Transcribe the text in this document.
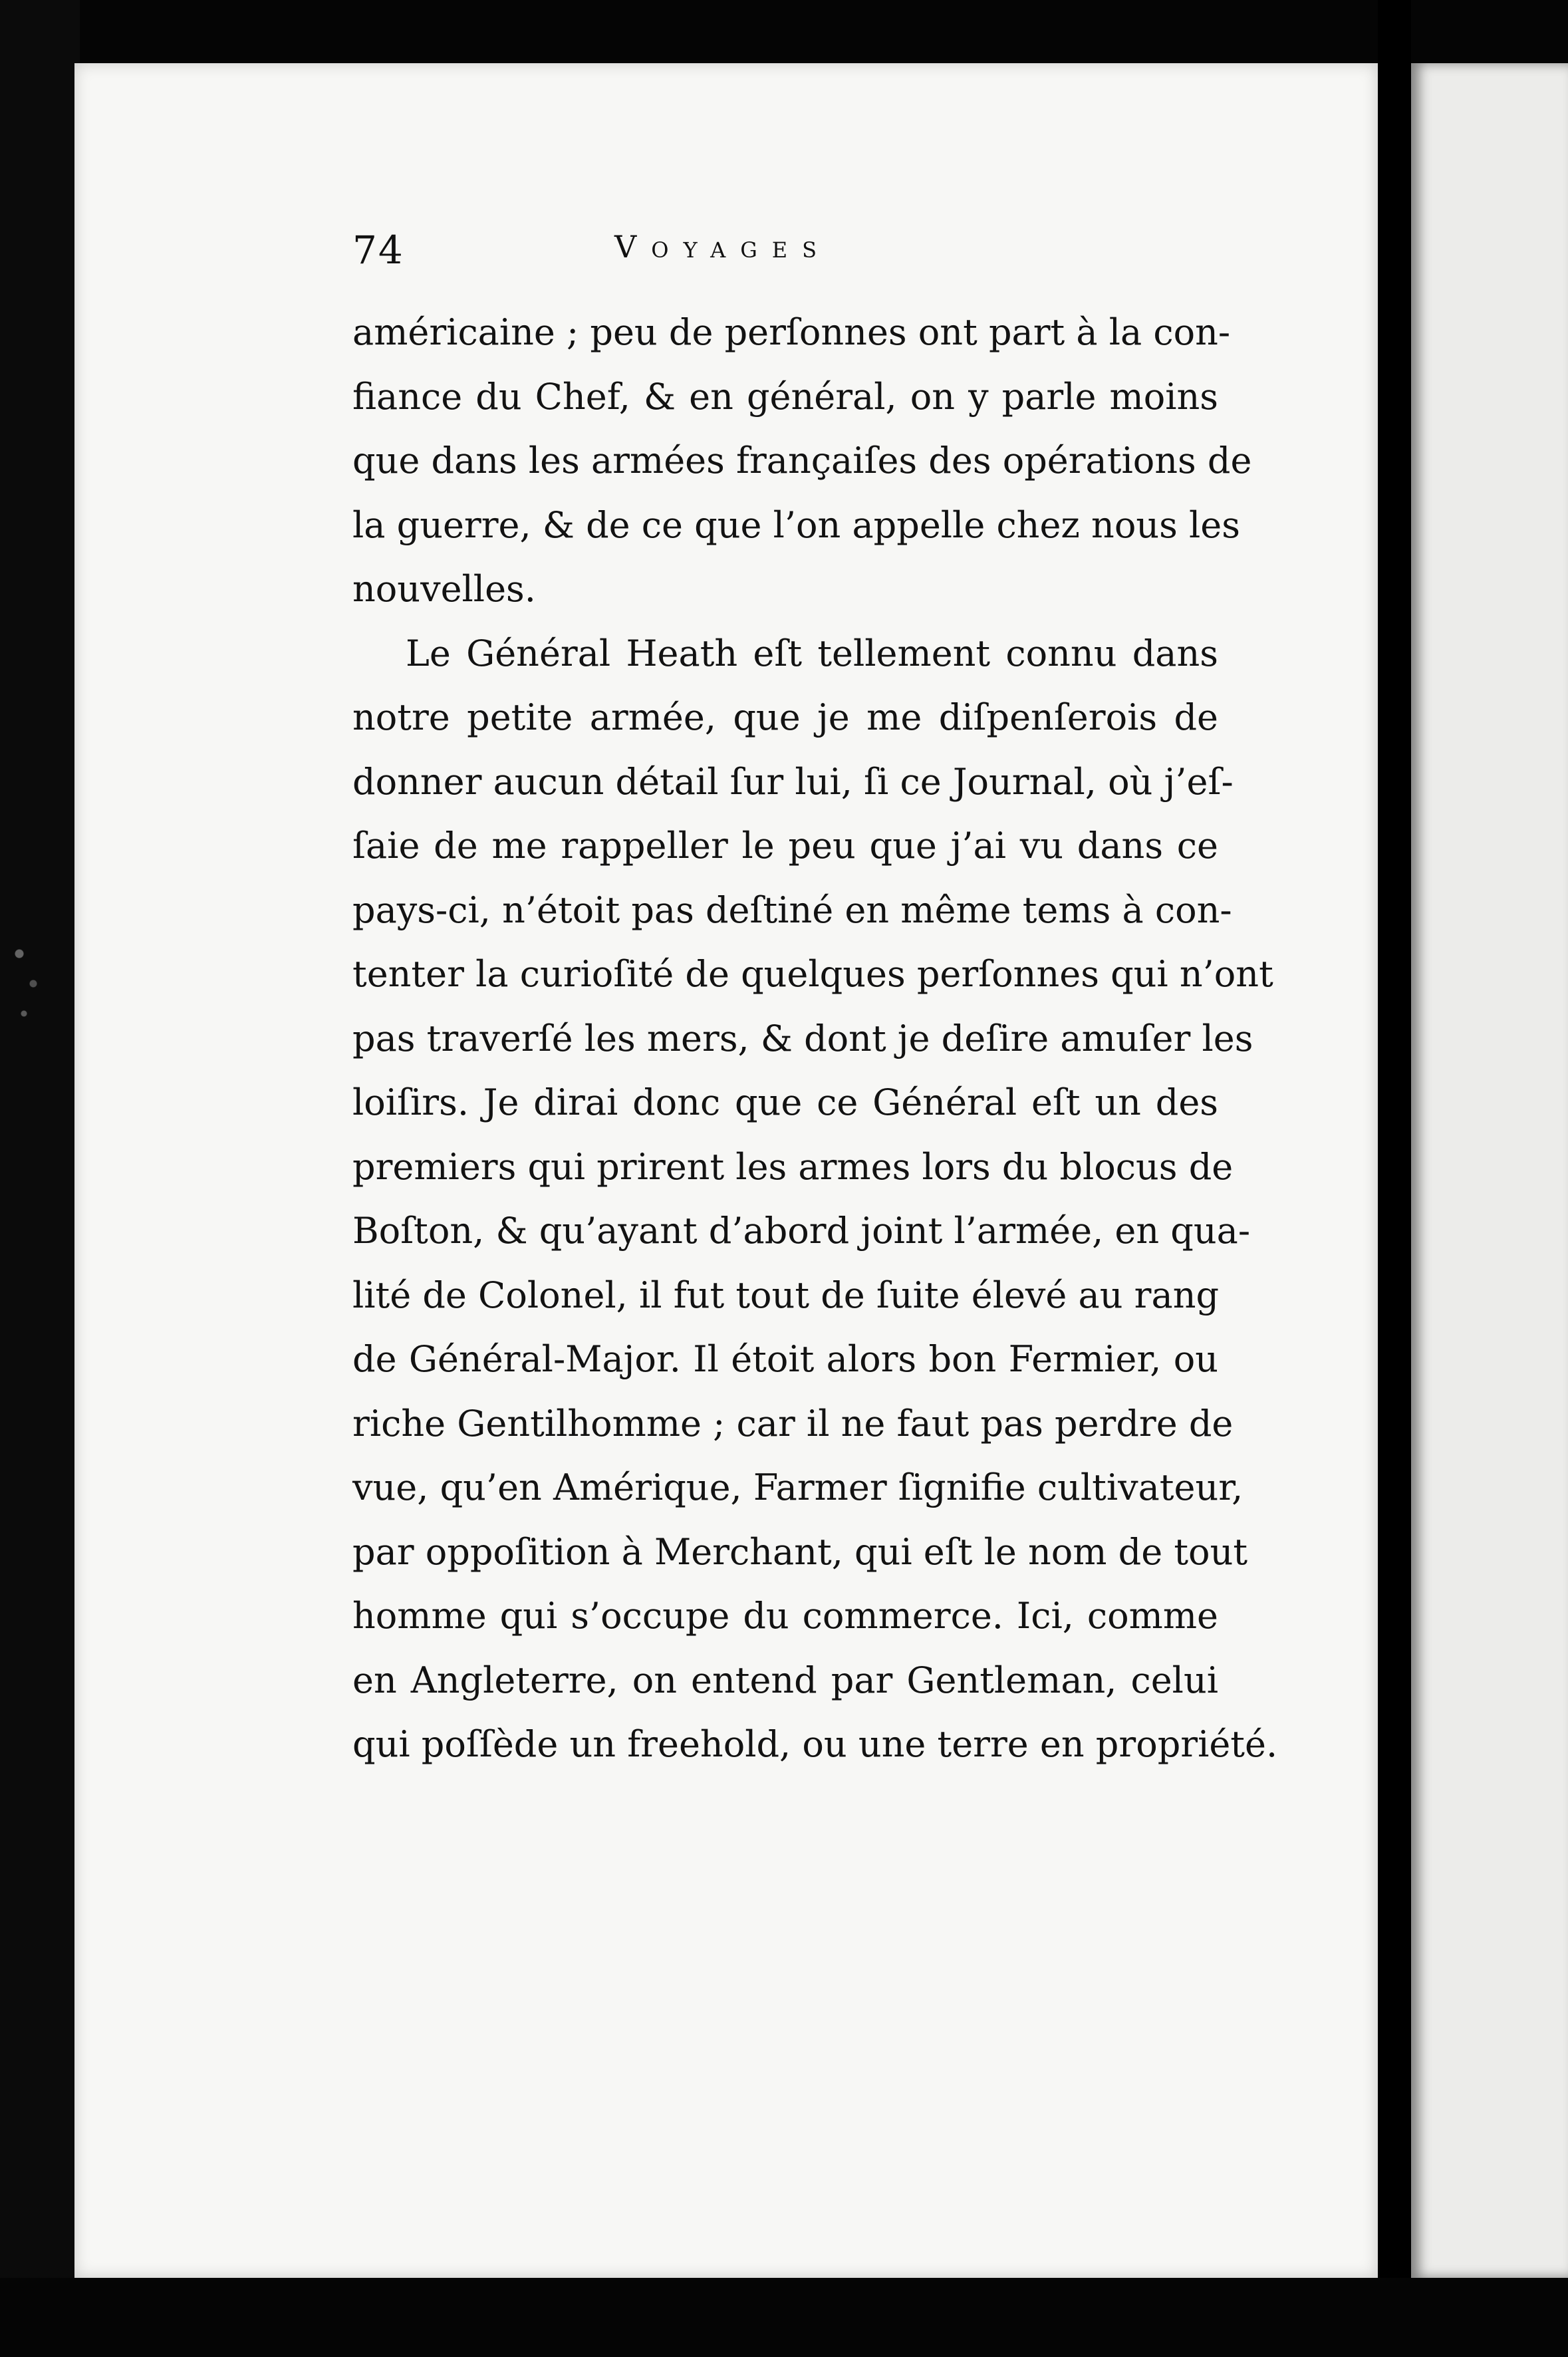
74	Voyages
américaine ; peu de perſonnes ont part à la con-
fiance du Chef, & en général, on y parle moins
que dans les armées françaiſes des opérations de
la guerre, & de ce que l’on appelle chez nous les
nouvelles.
Le Général Heath eſt tellement connu dans
notre petite armée, que je me diſpenſerois de
donner aucun détail ſur lui, ſi ce Journal, où j’eſ-
ſaie de me rappeller le peu que j’ai vu dans ce
pays-ci, n’étoit pas deſtiné en même tems à con-
tenter la curioſité de quelques perſonnes qui n’ont
pas traverſé les mers, & dont je deſire amuſer les
loiſirs. Je dirai donc que ce Général eſt un des
premiers qui prirent les armes lors du blocus de
Boſton, & qu’ayant d’abord joint l’armée, en qua-
lité de Colonel, il fut tout de ſuite élevé au rang
de Général-Major. Il étoit alors bon Fermier, ou
riche Gentilhomme ; car il ne faut pas perdre de
vue, qu’en Amérique, Farmer ſignifie cultivateur,
par oppoſition à Merchant, qui eſt le nom de tout
homme qui s’occupe du commerce. Ici, comme
en Angleterre, on entend par Gentleman, celui
qui poſſède un freehold, ou une terre en propriété.
